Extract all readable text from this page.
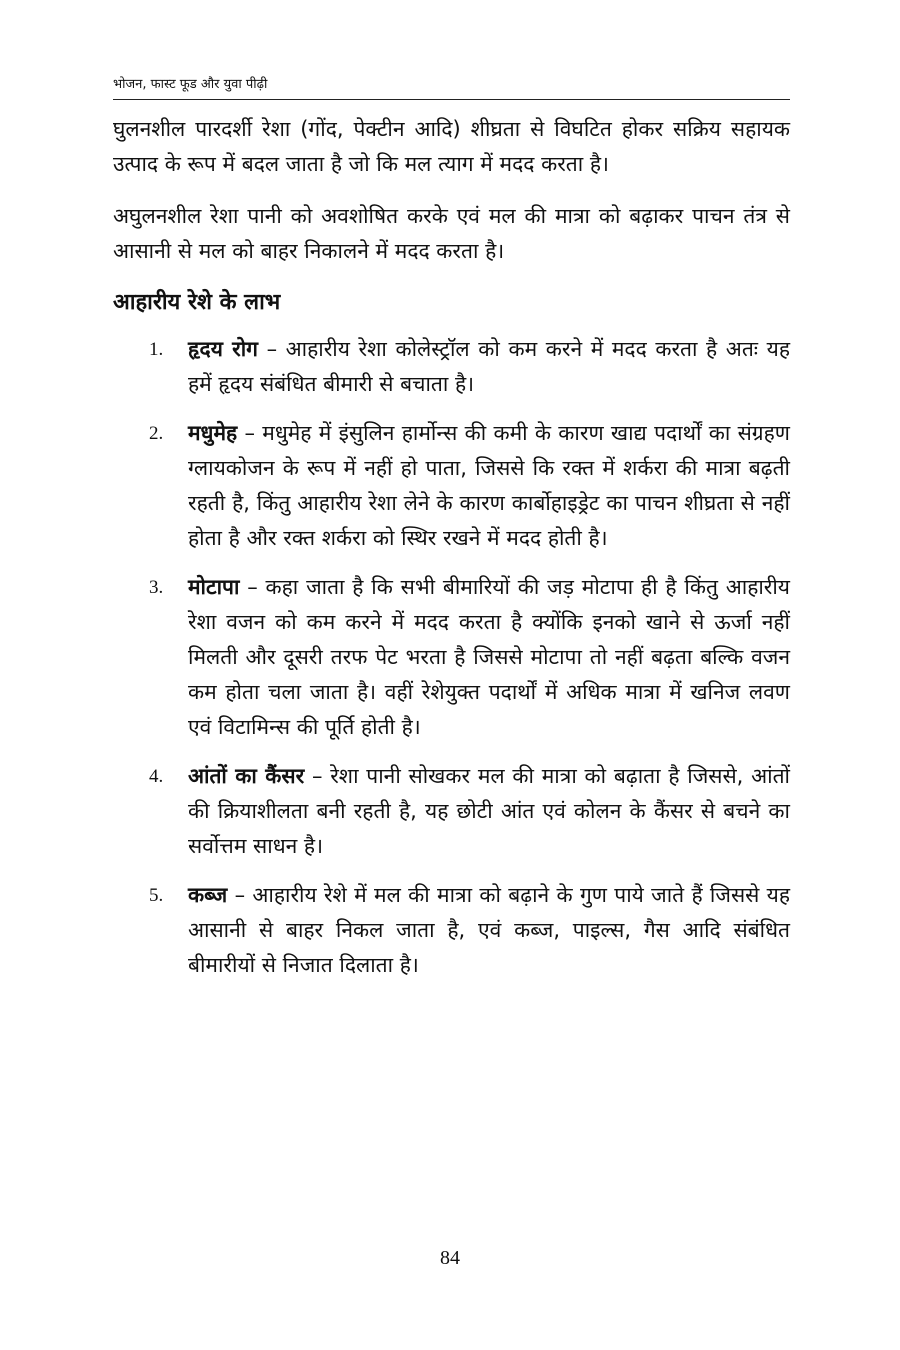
भोजन, फास्ट फूड और युवा पीढ़ी

घुलनशील पारदर्शी रेशा (गोंद, पेक्टीन आदि) शीघ्रता से विघटित होकर सक्रिय सहायक उत्पाद के रूप में बदल जाता है जो कि मल त्याग में मदद करता है।

अघुलनशील रेशा पानी को अवशोषित करके एवं मल की मात्रा को बढ़ाकर पाचन तंत्र से आसानी से मल को बाहर निकालने में मदद करता है।

आहारीय रेशे के लाभ
1. हृदय रोग – आहारीय रेशा कोलेस्ट्रॉल को कम करने में मदद करता है अतः यह हमें हृदय संबंधित बीमारी से बचाता है।
2. मधुमेह – मधुमेह में इंसुलिन हार्मोन्स की कमी के कारण खाद्य पदार्थों का संग्रहण ग्लायकोजन के रूप में नहीं हो पाता, जिससे कि रक्त में शर्करा की मात्रा बढ़ती रहती है, किंतु आहारीय रेशा लेने के कारण कार्बोहाइड्रेट का पाचन शीघ्रता से नहीं होता है और रक्त शर्करा को स्थिर रखने में मदद होती है।
3. मोटापा – कहा जाता है कि सभी बीमारियों की जड़ मोटापा ही है किंतु आहारीय रेशा वजन को कम करने में मदद करता है क्योंकि इनको खाने से ऊर्जा नहीं मिलती और दूसरी तरफ पेट भरता है जिससे मोटापा तो नहीं बढ़ता बल्कि वजन कम होता चला जाता है। वहीं रेशेयुक्त पदार्थों में अधिक मात्रा में खनिज लवण एवं विटामिन्स की पूर्ति होती है।
4. आंतों का कैंसर – रेशा पानी सोखकर मल की मात्रा को बढ़ाता है जिससे, आंतों की क्रियाशीलता बनी रहती है, यह छोटी आंत एवं कोलन के कैंसर से बचने का सर्वोत्तम साधन है।
5. कब्ज – आहारीय रेशे में मल की मात्रा को बढ़ाने के गुण पाये जाते हैं जिससे यह आसानी से बाहर निकल जाता है, एवं कब्ज, पाइल्स, गैस आदि संबंधित बीमारीयों से निजात दिलाता है।
84
